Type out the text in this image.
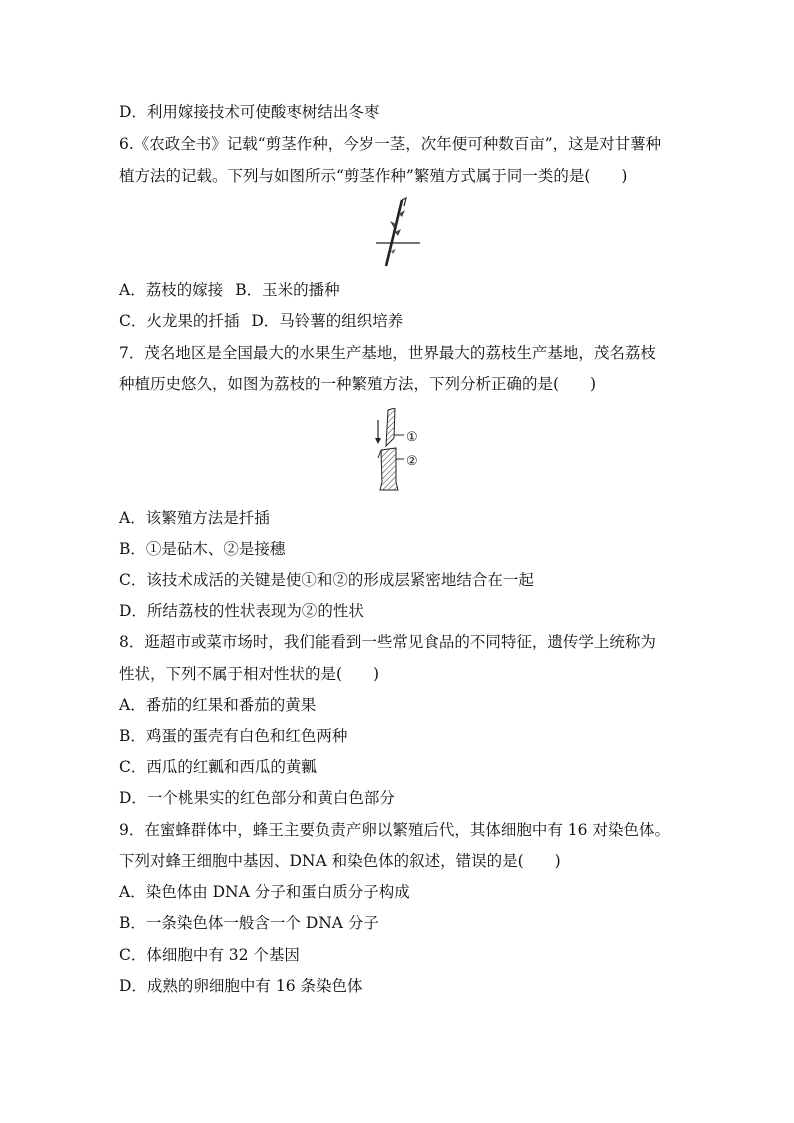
D．利用嫁接技术可使酸枣树结出冬枣
6.《农政全书》记载“剪茎作种，今岁一茎，次年便可种数百亩”，这是对甘薯种
植方法的记载。下列与如图所示“剪茎作种”繁殖方式属于同一类的是(　　)
A．荔枝的嫁接 B．玉米的播种
C．火龙果的扦插 D．马铃薯的组织培养
7．茂名地区是全国最大的水果生产基地，世界最大的荔枝生产基地，茂名荔枝
种植历史悠久，如图为荔枝的一种繁殖方法，下列分析正确的是(　　)
①
②
A．该繁殖方法是扦插
B．①是砧木、②是接穗
C．该技术成活的关键是使①和②的形成层紧密地结合在一起
D．所结荔枝的性状表现为②的性状
8．逛超市或菜市场时，我们能看到一些常见食品的不同特征，遗传学上统称为
性状，下列不属于相对性状的是(　　)
A．番茄的红果和番茄的黄果
B．鸡蛋的蛋壳有白色和红色两种
C．西瓜的红瓤和西瓜的黄瓤
D．一个桃果实的红色部分和黄白色部分
9．在蜜蜂群体中，蜂王主要负责产卵以繁殖后代，其体细胞中有 16 对染色体。
下列对蜂王细胞中基因、DNA 和染色体的叙述，错误的是(　　)
A．染色体由 DNA 分子和蛋白质分子构成
B．一条染色体一般含一个 DNA 分子
C．体细胞中有 32 个基因
D．成熟的卵细胞中有 16 条染色体
